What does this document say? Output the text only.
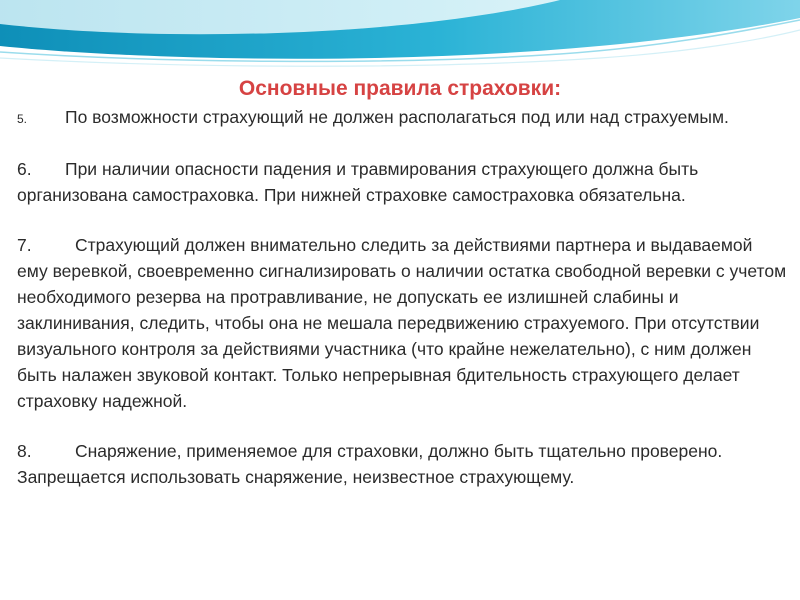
Основные правила страховки:
5. По возможности страхующий не должен располагаться под или над страхуемым.
6. При наличии опасности падения и травмирования страхующего должна быть организована самостраховка. При нижней страховке самостраховка обязательна.
7. Страхующий должен внимательно следить за действиями партнера и выдаваемой ему веревкой, своевременно сигнализировать о наличии остатка свободной веревки с учетом необходимого резерва на протравливание, не допускать ее излишней слабины и заклинивания, следить, чтобы она не мешала передвижению страхуемого. При отсутствии визуального контроля за действиями участника (что крайне нежелательно), с ним должен быть налажен звуковой контакт. Только непрерывная бдительность страхующего делает страховку надежной.
8. Снаряжение, применяемое для страховки, должно быть тщательно проверено. Запрещается использовать снаряжение, неизвестное страхующему.
